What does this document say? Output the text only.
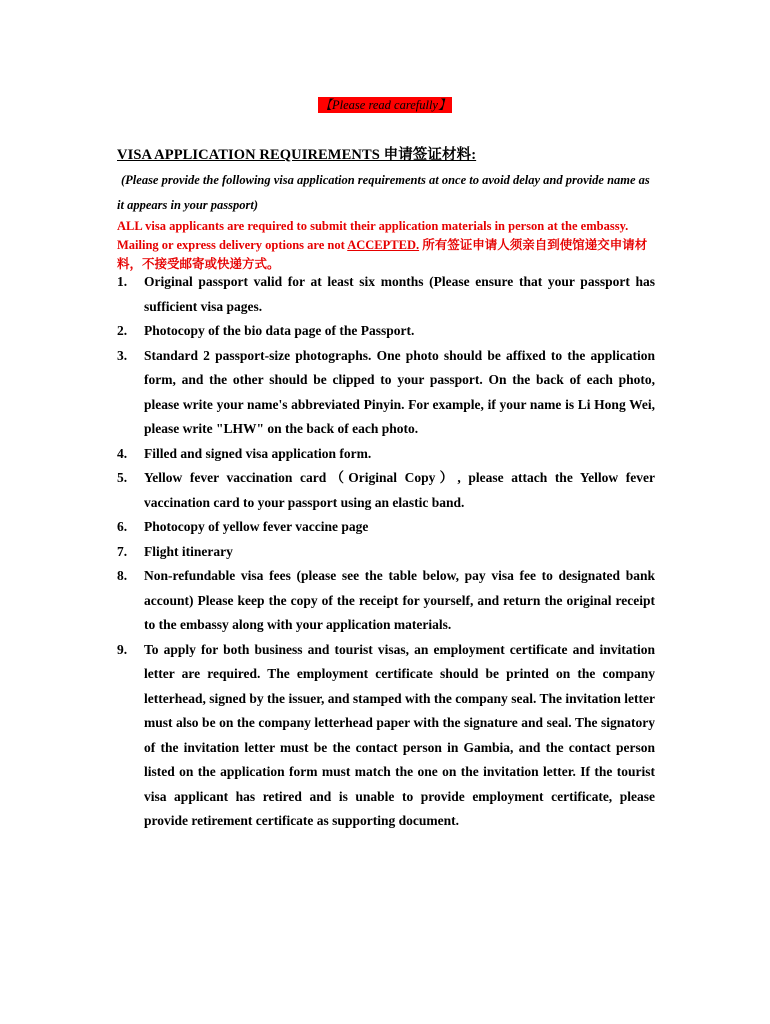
【Please read carefully】
VISA APPLICATION REQUIREMENTS 申请签证材料:
(Please provide the following visa application requirements at once to avoid delay and provide name as it appears in your passport)
ALL visa applicants are required to submit their application materials in person at the embassy. Mailing or express delivery options are not ACCEPTED. 所有签证申请人须亲自到使馆递交申请材料，不接受邮寄或快递方式。
1. Original passport valid for at least six months (Please ensure that your passport has sufficient visa pages.
2. Photocopy of the bio data page of the Passport.
3. Standard 2 passport-size photographs. One photo should be affixed to the application form, and the other should be clipped to your passport. On the back of each photo, please write your name's abbreviated Pinyin. For example, if your name is Li Hong Wei, please write "LHW" on the back of each photo.
4. Filled and signed visa application form.
5. Yellow fever vaccination card（Original Copy）, please attach the Yellow fever vaccination card to your passport using an elastic band.
6. Photocopy of yellow fever vaccine page
7. Flight itinerary
8. Non-refundable visa fees (please see the table below, pay visa fee to designated bank account) Please keep the copy of the receipt for yourself, and return the original receipt to the embassy along with your application materials.
9. To apply for both business and tourist visas, an employment certificate and invitation letter are required. The employment certificate should be printed on the company letterhead, signed by the issuer, and stamped with the company seal. The invitation letter must also be on the company letterhead paper with the signature and seal. The signatory of the invitation letter must be the contact person in Gambia, and the contact person listed on the application form must match the one on the invitation letter. If the tourist visa applicant has retired and is unable to provide employment certificate, please provide retirement certificate as supporting document.
